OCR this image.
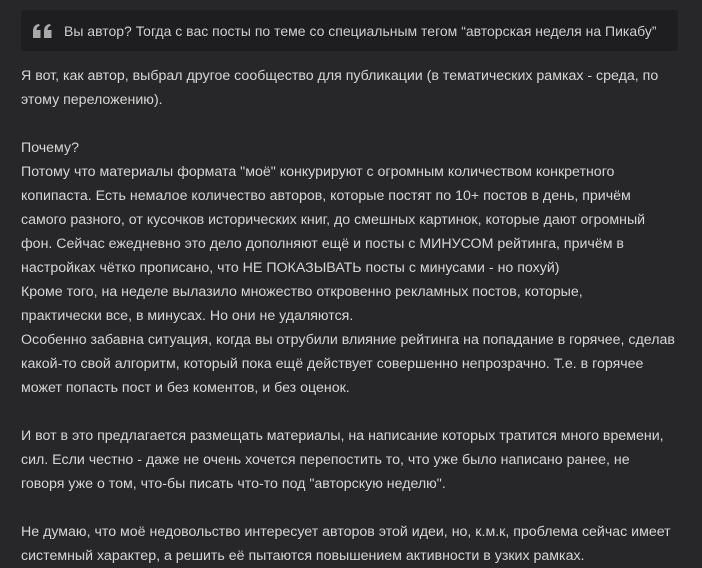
Вы автор? Тогда с вас посты по теме со специальным тегом “авторская неделя на Пикабу”

Я вот, как автор, выбрал другое сообщество для публикации (в тематических рамках - среда, по
этому переложению).

Почему?
Потому что материалы формата "моё" конкурируют с огромным количеством конкретного
копипаста. Есть немалое количество авторов, которые постят по 10+ постов в день, причём
самого разного, от кусочков исторических книг, до смешных картинок, которые дают огромный
фон. Сейчас ежедневно это дело дополняют ещё и посты с МИНУСОМ рейтинга, причём в
настройках чётко прописано, что НЕ ПОКАЗЫВАТЬ посты с минусами - но похуй)
Кроме того, на неделе вылазило множество откровенно рекламных постов, которые,
практически все, в минусах. Но они не удаляются.
Особенно забавна ситуация, когда вы отрубили влияние рейтинга на попадание в горячее, сделав
какой-то свой алгоритм, который пока ещё действует совершенно непрозрачно. Т.е. в горячее
может попасть пост и без коментов, и без оценок.

И вот в это предлагается размещать материалы, на написание которых тратится много времени,
сил. Если честно - даже не очень хочется перепостить то, что уже было написано ранее, не
говоря уже о том, что-бы писать что-то под "авторскую неделю".

Не думаю, что моё недовольство интересует авторов этой идеи, но, к.м.к, проблема сейчас имеет
системный характер, а решить её пытаются повышением активности в узких рамках.
